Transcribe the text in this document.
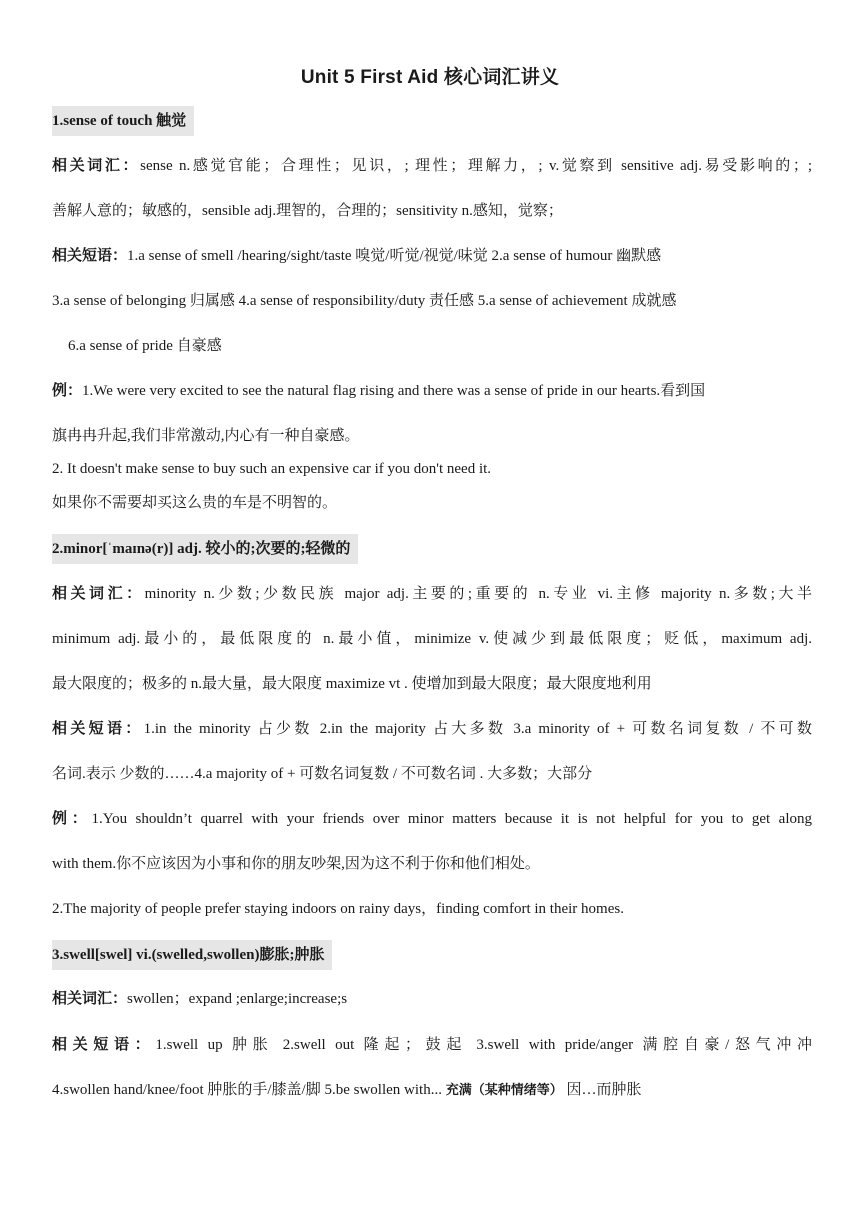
Unit 5 First Aid 核心词汇讲义
1.sense of touch 触觉
相关词汇：sense n.感觉官能；合理性；见识，; 理性；理解力，; v.觉察到 sensitive adj.易受影响的；;
善解人意的；敏感的，sensible adj.理智的，合理的；sensitivity n.感知，觉察；
相关短语：1.a sense of smell /hearing/sight/taste 嗅觉/听觉/视觉/味觉 2.a sense of humour 幽默感
3.a sense of belonging 归属感 4.a sense of responsibility/duty 责任感 5.a sense of achievement 成就感
6.a sense of pride 自豪感
例：1.We were very excited to see the natural flag rising and there was a sense of pride in our hearts.看到国
旗冉冉升起,我们非常激动,内心有一种自豪感。
2. It doesn't make sense to buy such an expensive car if you don't need it.
如果你不需要却买这么贵的车是不明智的。
2.minor[ˈmaɪnə(r)] adj. 较小的;次要的;轻微的
相关词汇：minority n.少数;少数民族 major adj.主要的;重要的 n.专业 vi.主修 majority n.多数;大半
minimum adj.最小的，最低限度的 n.最小值，minimize v.使减少到最低限度；贬低，maximum adj.
最大限度的；极多的 n.最大量，最大限度 maximize vt . 使增加到最大限度；最大限度地利用
相关短语：1.in the minority 占少数 2.in the majority 占大多数 3.a minority of + 可数名词复数 / 不可数
名词.表示 少数的……4.a majority of + 可数名词复数 / 不可数名词 . 大多数；大部分
例：1.You shouldn’t quarrel with your friends over minor matters because it is not helpful for you to get along
with them.你不应该因为小事和你的朋友吵架,因为这不利于你和他们相处。
2.The majority of people prefer staying indoors on rainy days，finding comfort in their homes.
3.swell[swel] vi.(swelled,swollen)膨胀;肿胀
相关词汇：swollen；expand ;enlarge;increase;s
相关短语：1.swell up 肿胀 2.swell out 隆起；鼓起 3.swell with pride/anger 满腔自豪/怒气冲冲
4.swollen hand/knee/foot 肿胀的手/膝盖/脚 5.be swollen with... 充满（某种情绪等） 因…而肿胀
